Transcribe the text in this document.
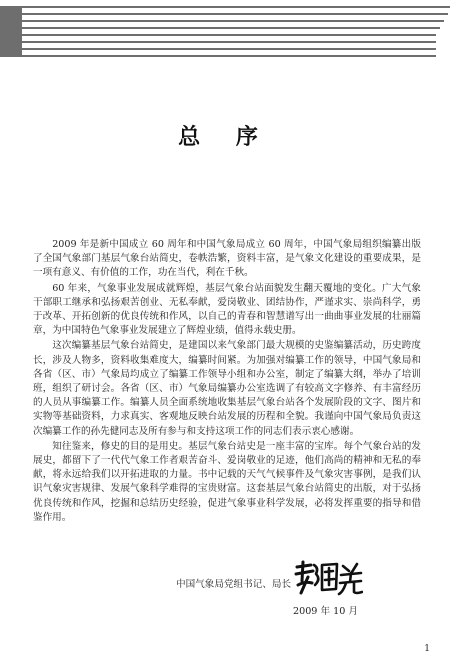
总 序

2009 年是新中国成立 60 周年和中国气象局成立 60 周年，中国气象局组织编纂出版了全国气象部门基层气象台站简史，卷帙浩繁，资料丰富，是气象文化建设的重要成果，是一项有意义、有价值的工作，功在当代，利在千秋。

60 年来，气象事业发展成就辉煌，基层气象台站面貌发生翻天覆地的变化。广大气象干部职工继承和弘扬艰苦创业、无私奉献，爱岗敬业、团结协作，严谨求实、崇尚科学，勇于改革、开拓创新的优良传统和作风，以自己的青春和智慧谱写出一曲曲事业发展的壮丽篇章，为中国特色气象事业发展建立了辉煌业绩，值得永载史册。

这次编纂基层气象台站简史，是建国以来气象部门最大规模的史鉴编纂活动，历史跨度长，涉及人物多，资料收集难度大，编纂时间紧。为加强对编纂工作的领导，中国气象局和各省（区、市）气象局均成立了编纂工作领导小组和办公室，制定了编纂大纲，举办了培训班，组织了研讨会。各省（区、市）气象局编纂办公室选调了有较高文字修养、有丰富经历的人员从事编纂工作。编纂人员全面系统地收集基层气象台站各个发展阶段的文字、图片和实物等基础资料，力求真实、客观地反映台站发展的历程和全貌。我谨向中国气象局负责这次编纂工作的孙先健同志及所有参与和支持这项工作的同志们表示衷心感谢。

知往鉴来，修史的目的是用史。基层气象台站史是一座丰富的宝库。每个气象台站的发展史，都留下了一代代气象工作者艰苦奋斗、爱岗敬业的足迹，他们高尚的精神和无私的奉献，将永远给我们以开拓进取的力量。书中记载的天气气候事件及气象灾害事例，是我们认识气象灾害规律、发展气象科学难得的宝贵财富。这套基层气象台站简史的出版，对于弘扬优良传统和作风，挖掘和总结历史经验，促进气象事业科学发展，必将发挥重要的指导和借鉴作用。

中国气象局党组书记、局长
2009 年 10 月
1
